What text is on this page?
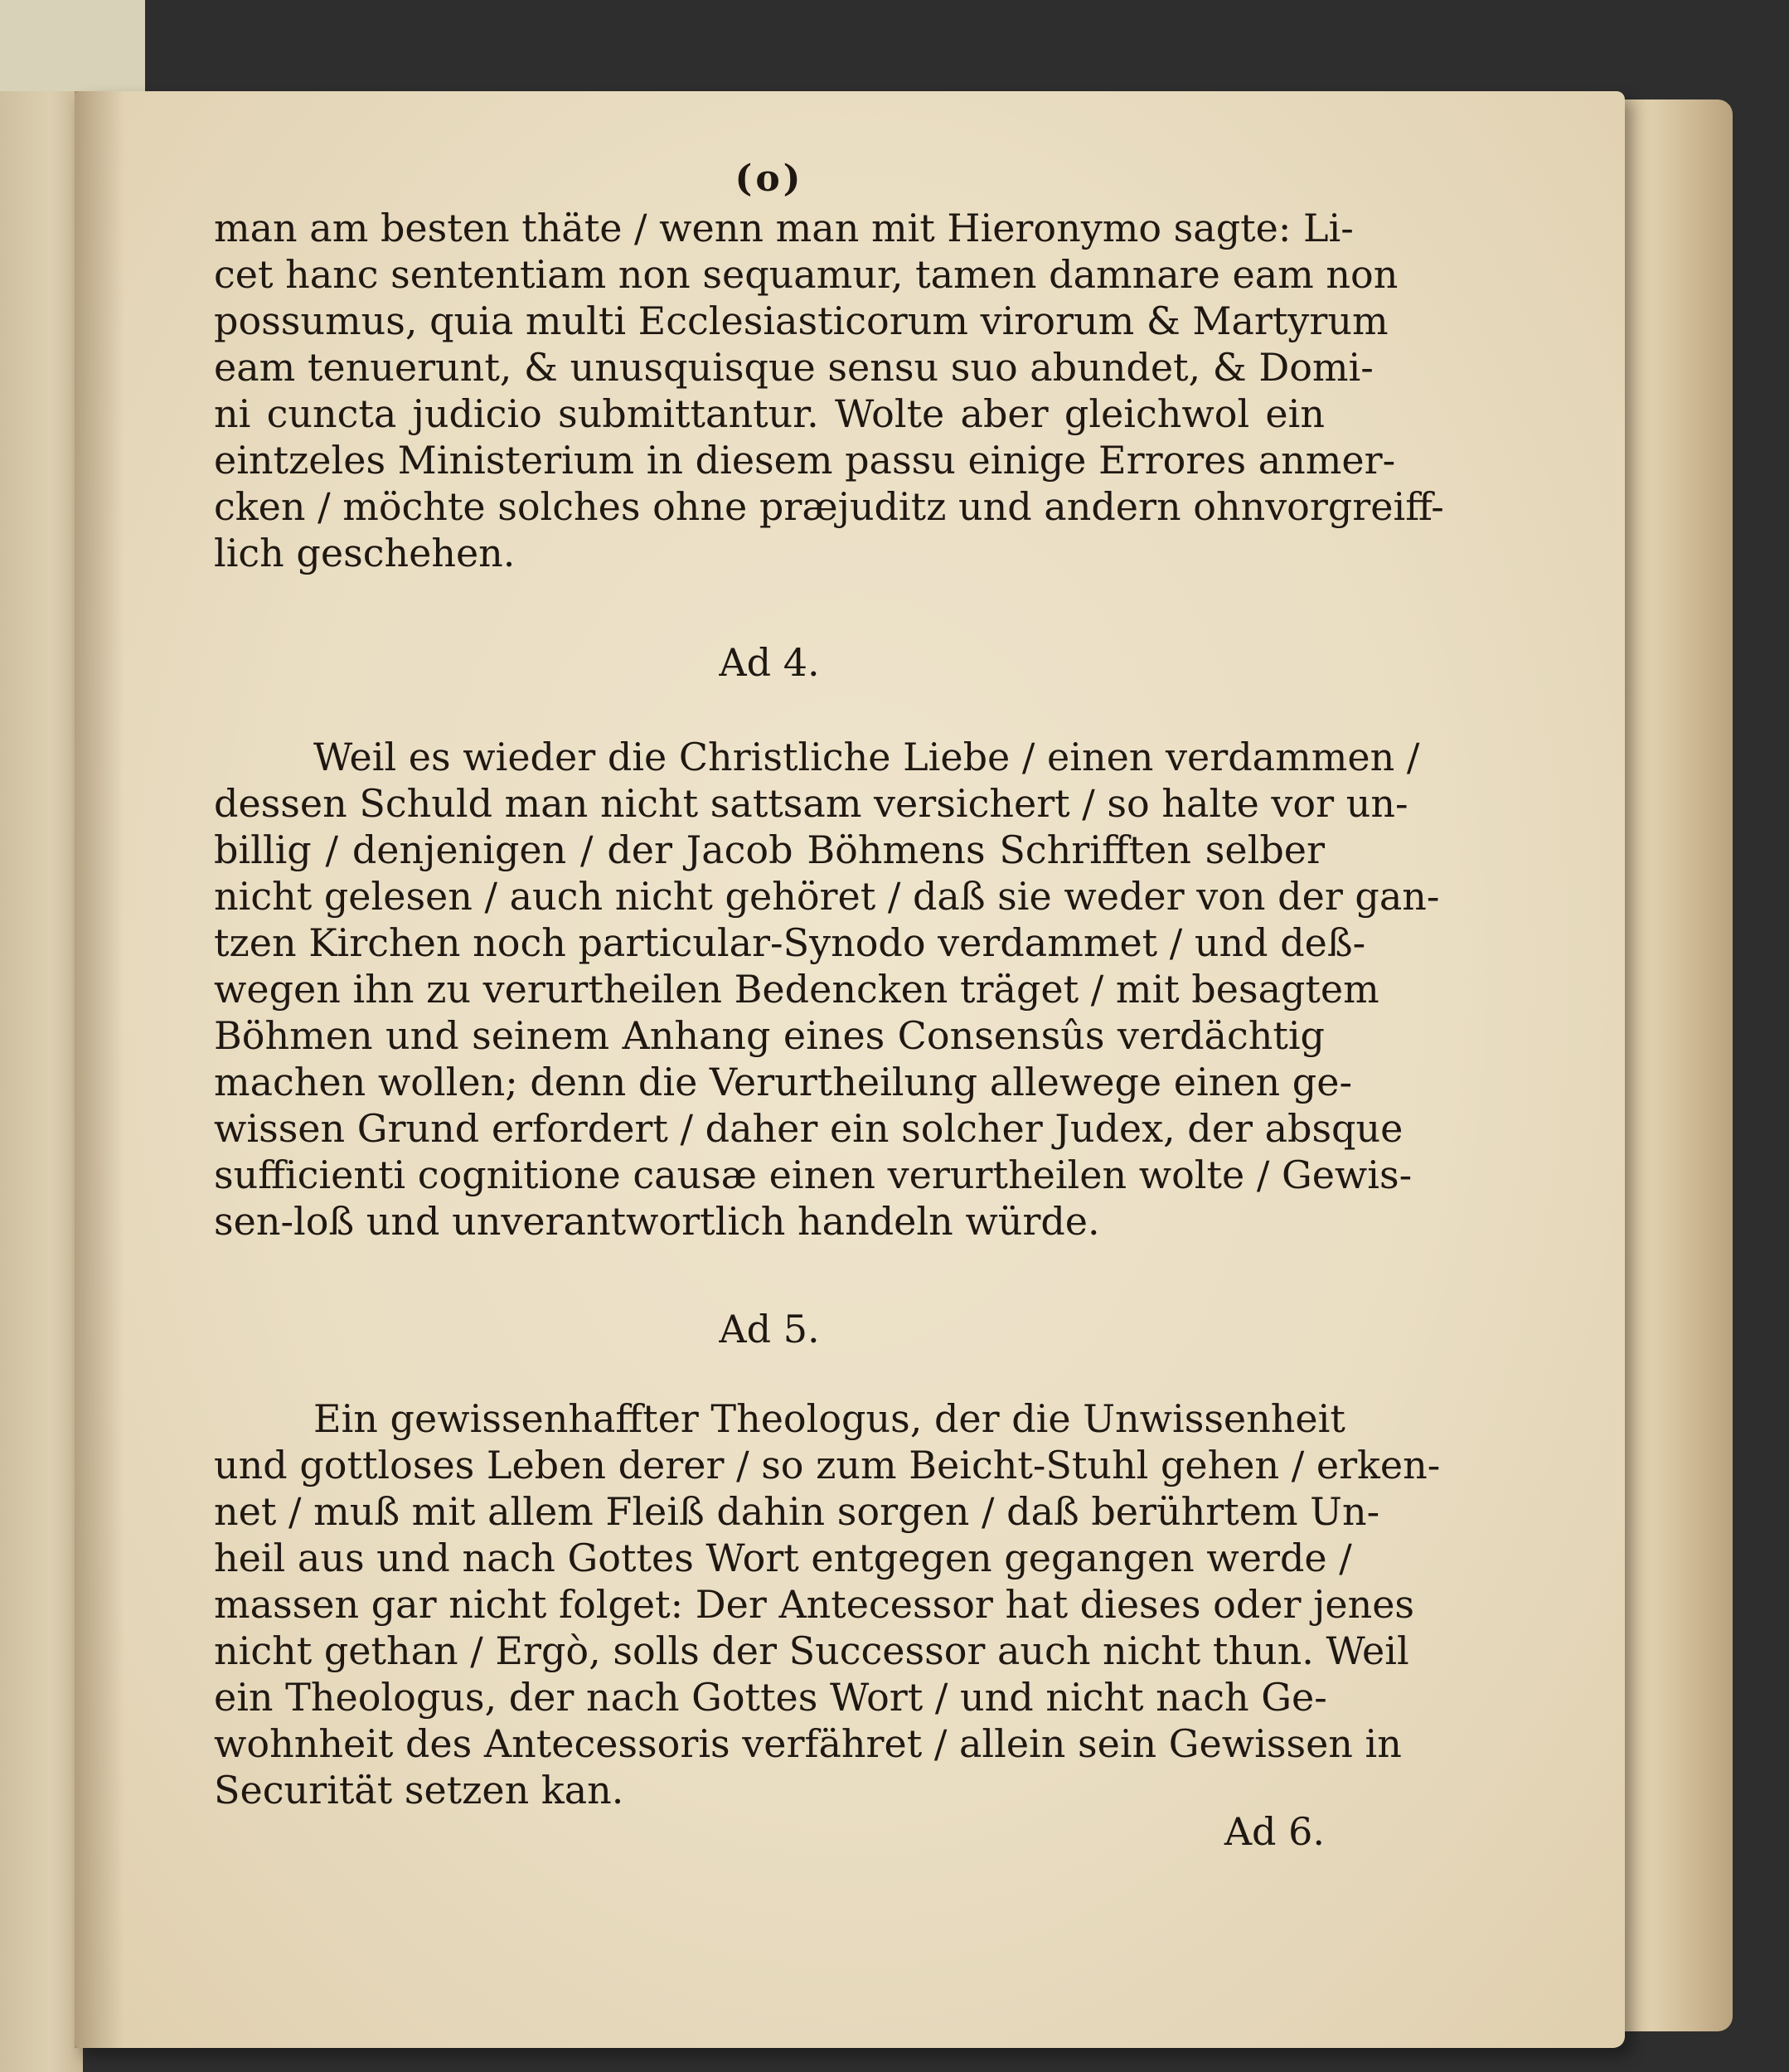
(o)
man am besten thäte / wenn man mit Hieronymo sagte: Li-
cet hanc sententiam non sequamur, tamen damnare eam non
possumus, quia multi Ecclesiasticorum virorum & Martyrum
eam tenuerunt, & unusquisque sensu suo abundet, & Domi-
ni cuncta judicio submittantur. Wolte aber gleichwol ein
eintzeles Ministerium in diesem passu einige Errores anmer-
cken / möchte solches ohne præjuditz und andern ohnvorgreiff-
lich geschehen.
Ad 4.
Weil es wieder die Christliche Liebe / einen verdammen /
dessen Schuld man nicht sattsam versichert / so halte vor un-
billig / denjenigen / der Jacob Böhmens Schrifften selber
nicht gelesen / auch nicht gehöret / daß sie weder von der gan-
tzen Kirchen noch particular-Synodo verdammet / und deß-
wegen ihn zu verurtheilen Bedencken träget / mit besagtem
Böhmen und seinem Anhang eines Consensûs verdächtig
machen wollen; denn die Verurtheilung allewege einen ge-
wissen Grund erfordert / daher ein solcher Judex, der absque
sufficienti cognitione causæ einen verurtheilen wolte / Gewis-
sen-loß und unverantwortlich handeln würde.
Ad 5.
Ein gewissenhaffter Theologus, der die Unwissenheit
und gottloses Leben derer / so zum Beicht-Stuhl gehen / erken-
net / muß mit allem Fleiß dahin sorgen / daß berührtem Un-
heil aus und nach Gottes Wort entgegen gegangen werde /
massen gar nicht folget: Der Antecessor hat dieses oder jenes
nicht gethan / Ergò, solls der Successor auch nicht thun. Weil
ein Theologus, der nach Gottes Wort / und nicht nach Ge-
wohnheit des Antecessoris verfähret / allein sein Gewissen in
Securität setzen kan.
Ad 6.
